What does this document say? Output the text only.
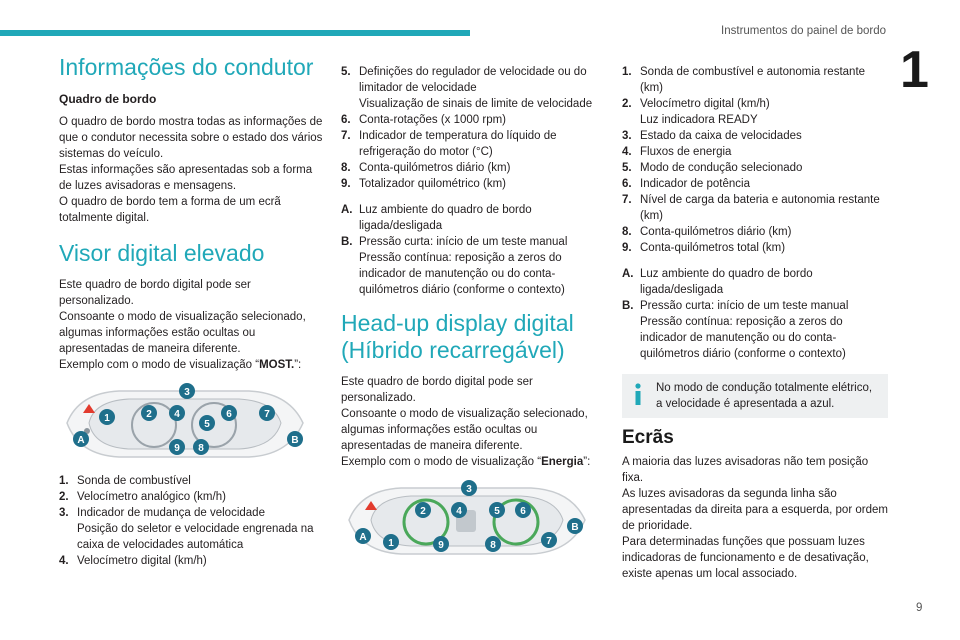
Instrumentos do painel de bordo
1
Informações do condutor
Quadro de bordo

O quadro de bordo mostra todas as informações de que o condutor necessita sobre o estado dos vários sistemas do veículo.
Estas informações são apresentadas sob a forma de luzes avisadoras e mensagens.
O quadro de bordo tem a forma de um ecrã totalmente digital.

Visor digital elevado

Este quadro de bordo digital pode ser personalizado.
Consoante o modo de visualização selecionado, algumas informações estão ocultas ou apresentadas de maneira diferente.
Exemplo com o modo de visualização “MOST.”:

1	2
3
4
5
6	7
8
9
A	B
1. Sonda de combustível
2. Velocímetro analógico (km/h)
3. Indicador de mudança de velocidade
Posição do seletor e velocidade engrenada na caixa de velocidades automática
4. Velocímetro digital (km/h)
5. Definições do regulador de velocidade ou do limitador de velocidade
Visualização de sinais de limite de velocidade
6. Conta-rotações (x 1000 rpm)
7. Indicador de temperatura do líquido de refrigeração do motor (°C)
8. Conta-quilómetros diário (km)
9. Totalizador quilométrico (km)
A. Luz ambiente do quadro de bordo ligada/desligada
B. Pressão curta: início de um teste manual
Pressão contínua: reposição a zeros do indicador de manutenção ou do conta-quilómetros diário (conforme o contexto)
Head-up display digital (Híbrido recarregável)

Este quadro de bordo digital pode ser personalizado.
Consoante o modo de visualização selecionado, algumas informações estão ocultas ou apresentadas de maneira diferente.
Exemplo com o modo de visualização “Energia”:

1
2
3
4	5 6
7
8
9
A
B
1. Sonda de combustível e autonomia restante (km)
2. Velocímetro digital (km/h)
Luz indicadora READY
3. Estado da caixa de velocidades
4. Fluxos de energia
5. Modo de condução selecionado
6. Indicador de potência
7. Nível de carga da bateria e autonomia restante (km)
8. Conta-quilómetros diário (km)
9. Conta-quilómetros total (km)
A. Luz ambiente do quadro de bordo ligada/desligada
B. Pressão curta: início de um teste manual
Pressão contínua: reposição a zeros do indicador de manutenção ou do conta-quilómetros diário (conforme o contexto)
No modo de condução totalmente elétrico, a velocidade é apresentada a azul.
Ecrãs

A maioria das luzes avisadoras não tem posição fixa.
As luzes avisadoras da segunda linha são apresentadas da direita para a esquerda, por ordem de prioridade.
Para determinadas funções que possuam luzes indicadoras de funcionamento e de desativação, existe apenas um local associado.

9
